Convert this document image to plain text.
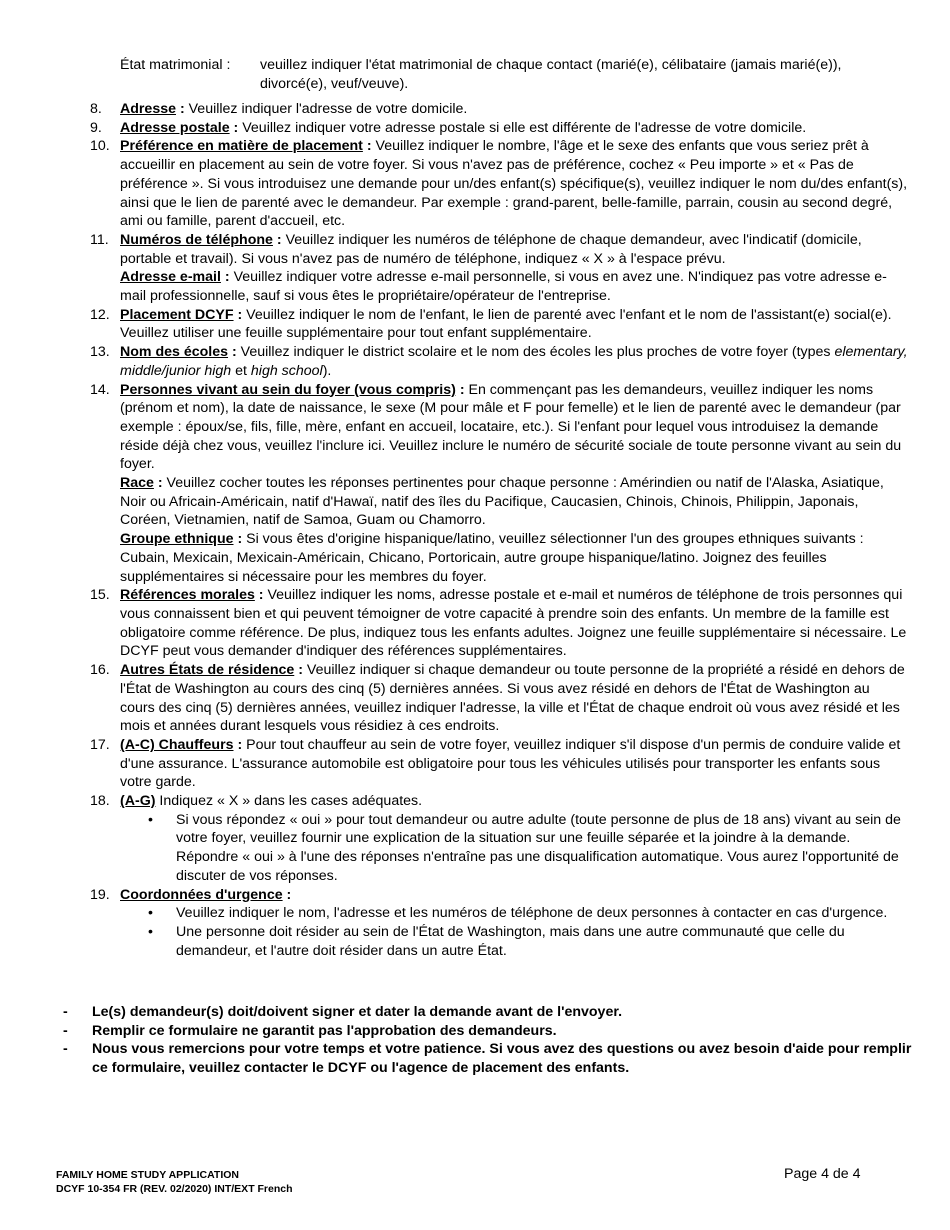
État matrimonial :	veuillez indiquer l'état matrimonial de chaque contact (marié(e), célibataire (jamais marié(e)), divorcé(e), veuf/veuve).
8.	Adresse : Veuillez indiquer l'adresse de votre domicile.

9.	Adresse postale : Veuillez indiquer votre adresse postale si elle est différente de l'adresse de votre domicile.

10. Préférence en matière de placement : Veuillez indiquer le nombre, l'âge et le sexe des enfants que vous seriez prêt à accueillir en placement au sein de votre foyer. Si vous n'avez pas de préférence, cochez « Peu importe » et « Pas de préférence ». Si vous introduisez une demande pour un/des enfant(s) spécifique(s), veuillez indiquer le nom du/des enfant(s), ainsi que le lien de parenté avec le demandeur. Par exemple : grand-parent, belle-famille, parrain, cousin au second degré, ami ou famille, parent d'accueil, etc.

11. Numéros de téléphone : Veuillez indiquer les numéros de téléphone de chaque demandeur, avec l'indicatif (domicile, portable et travail). Si vous n'avez pas de numéro de téléphone, indiquez « X » à l'espace prévu.

Adresse e-mail : Veuillez indiquer votre adresse e-mail personnelle, si vous en avez une. N'indiquez pas votre adresse e-mail professionnelle, sauf si vous êtes le propriétaire/opérateur de l'entreprise.

12. Placement DCYF : Veuillez indiquer le nom de l'enfant, le lien de parenté avec l'enfant et le nom de l'assistant(e) social(e). Veuillez utiliser une feuille supplémentaire pour tout enfant supplémentaire.

13. Nom des écoles : Veuillez indiquer le district scolaire et le nom des écoles les plus proches de votre foyer (types elementary, middle/junior high et high school).

14. Personnes vivant au sein du foyer (vous compris) : En commençant pas les demandeurs, veuillez indiquer les noms (prénom et nom), la date de naissance, le sexe (M pour mâle et F pour femelle) et le lien de parenté avec le demandeur (par exemple : époux/se, fils, fille, mère, enfant en accueil, locataire, etc.). Si l'enfant pour lequel vous introduisez la demande réside déjà chez vous, veuillez l'inclure ici. Veuillez inclure le numéro de sécurité sociale de toute personne vivant au sein du foyer.

Race : Veuillez cocher toutes les réponses pertinentes pour chaque personne : Amérindien ou natif de l'Alaska, Asiatique, Noir ou Africain-Américain, natif d'Hawaï, natif des îles du Pacifique, Caucasien, Chinois, Chinois, Philippin, Japonais, Coréen, Vietnamien, natif de Samoa, Guam ou Chamorro.

Groupe ethnique : Si vous êtes d'origine hispanique/latino, veuillez sélectionner l'un des groupes ethniques suivants : Cubain, Mexicain, Mexicain-Américain, Chicano, Portoricain, autre groupe hispanique/latino. Joignez des feuilles supplémentaires si nécessaire pour les membres du foyer.

15. Références morales : Veuillez indiquer les noms, adresse postale et e-mail et numéros de téléphone de trois personnes qui vous connaissent bien et qui peuvent témoigner de votre capacité à prendre soin des enfants. Un membre de la famille est obligatoire comme référence. De plus, indiquez tous les enfants adultes. Joignez une feuille supplémentaire si nécessaire. Le DCYF peut vous demander d'indiquer des références supplémentaires.

16. Autres États de résidence : Veuillez indiquer si chaque demandeur ou toute personne de la propriété a résidé en dehors de l'État de Washington au cours des cinq (5) dernières années. Si vous avez résidé en dehors de l'État de Washington au cours des cinq (5) dernières années, veuillez indiquer l'adresse, la ville et l'État de chaque endroit où vous avez résidé et les mois et années durant lesquels vous résidiez à ces endroits.

17. (A-C) Chauffeurs : Pour tout chauffeur au sein de votre foyer, veuillez indiquer s'il dispose d'un permis de conduire valide et d'une assurance. L'assurance automobile est obligatoire pour tous les véhicules utilisés pour transporter les enfants sous votre garde.

18. (A-G) Indiquez « X » dans les cases adéquates.

•	Si vous répondez « oui » pour tout demandeur ou autre adulte (toute personne de plus de 18 ans) vivant au sein de votre foyer, veuillez fournir une explication de la situation sur une feuille séparée et la joindre à la demande. Répondre « oui » à l'une des réponses n'entraîne pas une disqualification automatique. Vous aurez l'opportunité de discuter de vos réponses.
19. Coordonnées d'urgence :

•	Veuillez indiquer le nom, l'adresse et les numéros de téléphone de deux personnes à contacter en cas d'urgence.
•	Une personne doit résider au sein de l'État de Washington, mais dans une autre communauté que celle du demandeur, et l'autre doit résider dans un autre État.
-	Le(s) demandeur(s) doit/doivent signer et dater la demande avant de l'envoyer.
-	Remplir ce formulaire ne garantit pas l'approbation des demandeurs.
-	Nous vous remercions pour votre temps et votre patience. Si vous avez des questions ou avez besoin d'aide pour remplir ce formulaire, veuillez contacter le DCYF ou l'agence de placement des enfants.
FAMILY HOME STUDY APPLICATION
DCYF 10-354 FR (REV. 02/2020) INT/EXT French
Page 4 de 4
